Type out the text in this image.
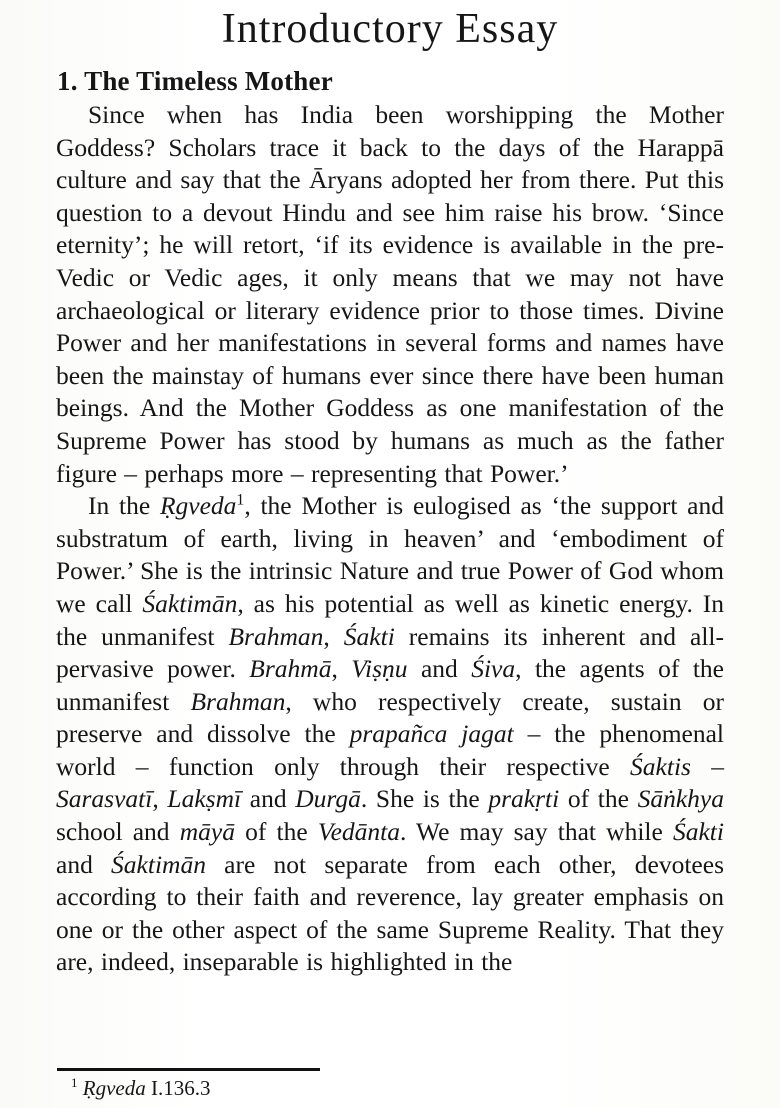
Introductory Essay
1. The Timeless Mother

Since when has India been worshipping the Mother Goddess? Scholars trace it back to the days of the Harappā culture and say that the Āryans adopted her from there. Put this question to a devout Hindu and see him raise his brow. ‘Since eternity’; he will retort, ‘if its evidence is available in the pre-Vedic or Vedic ages, it only means that we may not have archaeological or literary evidence prior to those times. Divine Power and her manifestations in several forms and names have been the mainstay of humans ever since there have been human beings. And the Mother Goddess as one manifestation of the Supreme Power has stood by humans as much as the father figure – perhaps more – representing that Power.’

In the Ṛgveda$^1$, the Mother is eulogised as ‘the support and substratum of earth, living in heaven’ and ‘embodiment of Power.’ She is the intrinsic Nature and true Power of God whom we call Śaktimān, as his potential as well as kinetic energy. In the unmanifest Brahman, Śakti remains its inherent and all-pervasive power. Brahmā, Viṣṇu and Śiva, the agents of the unmanifest Brahman, who respectively create, sustain or preserve and dissolve the prapañca jagat – the phenomenal world – function only through their respective Śaktis – Sarasvatī, Lakṣmī and Durgā. She is the prakṛti of the Sāṅkhya school and māyā of the Vedānta. We may say that while Śakti and Śaktimān are not separate from each other, devotees according to their faith and reverence, lay greater emphasis on one or the other aspect of the same Supreme Reality. That they are, indeed, inseparable is highlighted in the

$^1$ Ṛgveda I.136.3
